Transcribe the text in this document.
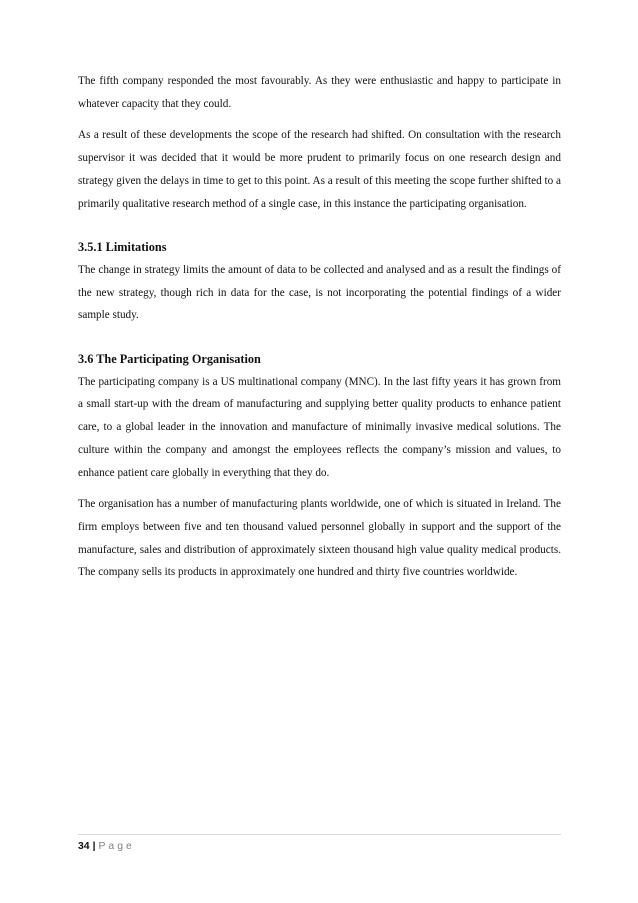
The fifth company responded the most favourably. As they were enthusiastic and happy to participate in whatever capacity that they could.

As a result of these developments the scope of the research had shifted. On consultation with the research supervisor it was decided that it would be more prudent to primarily focus on one research design and strategy given the delays in time to get to this point. As a result of this meeting the scope further shifted to a primarily qualitative research method of a single case, in this instance the participating organisation.

3.5.1 Limitations

The change in strategy limits the amount of data to be collected and analysed and as a result the findings of the new strategy, though rich in data for the case, is not incorporating the potential findings of a wider sample study.

3.6 The Participating Organisation

The participating company is a US multinational company (MNC). In the last fifty years it has grown from a small start-up with the dream of manufacturing and supplying better quality products to enhance patient care, to a global leader in the innovation and manufacture of minimally invasive medical solutions. The culture within the company and amongst the employees reflects the company’s mission and values, to enhance patient care globally in everything that they do.

The organisation has a number of manufacturing plants worldwide, one of which is situated in Ireland. The firm employs between five and ten thousand valued personnel globally in support and the support of the manufacture, sales and distribution of approximately sixteen thousand high value quality medical products. The company sells its products in approximately one hundred and thirty five countries worldwide.

34 | Page
